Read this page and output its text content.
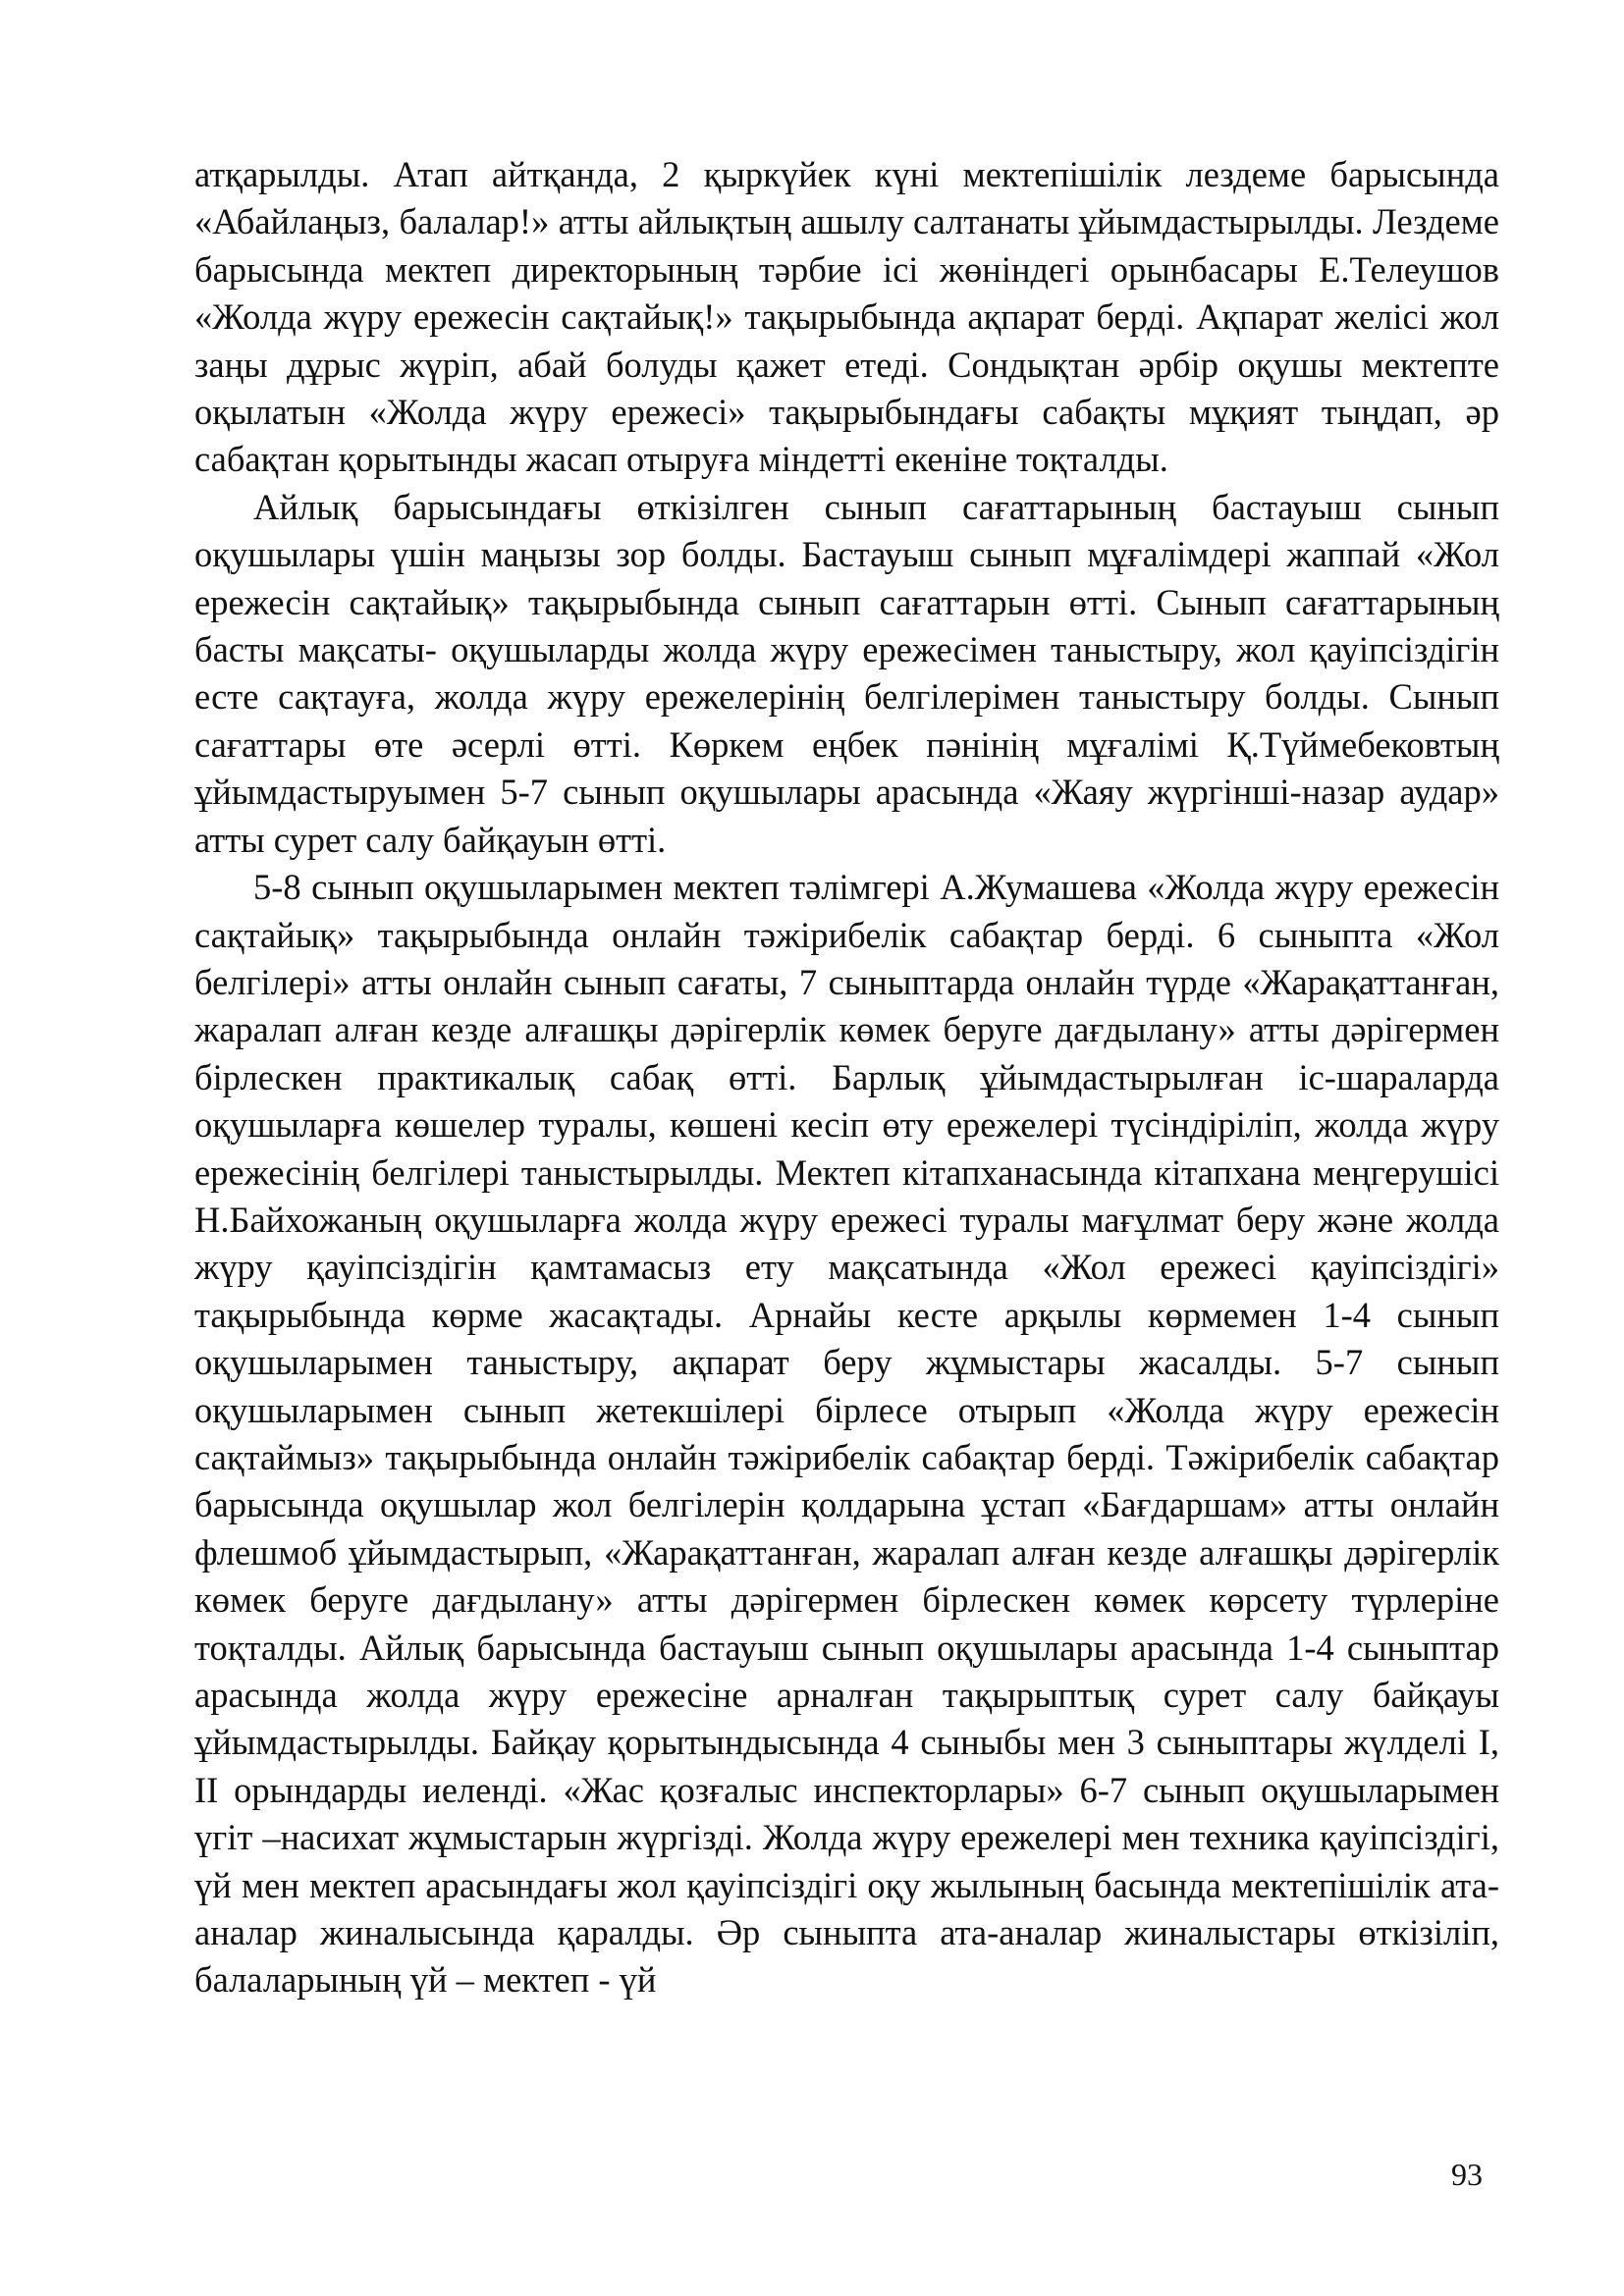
атқарылды. Атап айтқанда, 2 қыркүйек күні мектепішілік лездеме барысында «Абайлаңыз, балалар!» атты айлықтың ашылу салтанаты ұйымдастырылды. Лездеме барысында мектеп директорының тәрбие ісі жөніндегі орынбасары Е.Телеушов «Жолда жүру ережесін сақтайық!» тақырыбында ақпарат берді. Ақпарат желісі жол заңы дұрыс жүріп, абай болуды қажет етеді. Сондықтан әрбір оқушы мектепте оқылатын «Жолда жүру ережесі» тақырыбындағы сабақты мұқият тыңдап, әр сабақтан қорытынды жасап отыруға міндетті екеніне тоқталды.

Айлық барысындағы өткізілген сынып сағаттарының бастауыш сынып оқушылары үшін маңызы зор болды. Бастауыш сынып мұғалімдері жаппай «Жол ережесін сақтайық» тақырыбында сынып сағаттарын өтті. Сынып сағаттарының басты мақсаты- оқушыларды жолда жүру ережесімен таныстыру, жол қауіпсіздігін есте сақтауға, жолда жүру ережелерінің белгілерімен таныстыру болды. Сынып сағаттары өте әсерлі өтті. Көркем еңбек пәнінің мұғалімі Қ.Түймебековтың ұйымдастыруымен 5-7 сынып оқушылары арасында «Жаяу жүргінші-назар аудар» атты сурет салу байқауын өтті.

5-8 сынып оқушыларымен мектеп тәлімгері А.Жумашева «Жолда жүру ережесін сақтайық» тақырыбында онлайн тәжірибелік сабақтар берді. 6 сыныпта «Жол белгілері» атты онлайн сынып сағаты, 7 сыныптарда онлайн түрде «Жарақаттанған, жаралап алған кезде алғашқы дәрігерлік көмек беруге дағдылану» атты дәрігермен бірлескен практикалық сабақ өтті. Барлық ұйымдастырылған іс-шараларда оқушыларға көшелер туралы, көшені кесіп өту ережелері түсіндіріліп, жолда жүру ережесінің белгілері таныстырылды. Мектеп кітапханасында кітапхана меңгерушісі Н.Байхожаның оқушыларға жолда жүру ережесі туралы мағұлмат беру және жолда жүру қауіпсіздігін қамтамасыз ету мақсатында «Жол ережесі қауіпсіздігі» тақырыбында көрме жасақтады. Арнайы кесте арқылы көрмемен 1-4 сынып оқушыларымен таныстыру, ақпарат беру жұмыстары жасалды. 5-7 сынып оқушыларымен сынып жетекшілері бірлесе отырып «Жолда жүру ережесін сақтаймыз» тақырыбында онлайн тәжірибелік сабақтар берді. Тәжірибелік сабақтар барысында оқушылар жол белгілерін қолдарына ұстап «Бағдаршам» атты онлайн флешмоб ұйымдастырып, «Жарақаттанған, жаралап алған кезде алғашқы дәрігерлік көмек беруге дағдылану» атты дәрігермен бірлескен көмек көрсету түрлеріне тоқталды. Айлық барысында бастауыш сынып оқушылары арасында 1-4 сыныптар арасында жолда жүру ережесіне арналған тақырыптық сурет салу байқауы ұйымдастырылды. Байқау қорытындысында 4 сыныбы мен 3 сыныптары жүлделі І, ІІ орындарды иеленді. «Жас қозғалыс инспекторлары» 6-7 сынып оқушыларымен үгіт –насихат жұмыстарын жүргізді. Жолда жүру ережелері мен техника қауіпсіздігі, үй мен мектеп арасындағы жол қауіпсіздігі оқу жылының басында мектепішілік ата-аналар жиналысында қаралды. Әр сыныпта ата-аналар жиналыстары өткізіліп, балаларының үй – мектеп - үй

93
